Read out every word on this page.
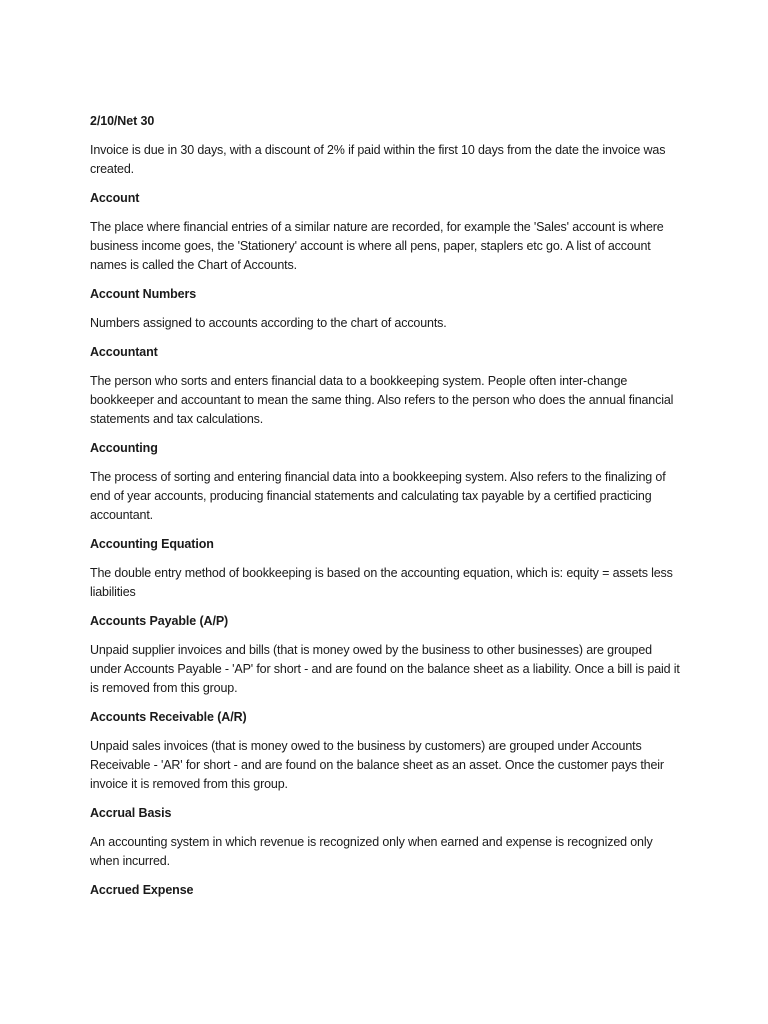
2/10/Net 30

Invoice is due in 30 days, with a discount of 2% if paid within the first 10 days from the date the invoice was created.

Account

The place where financial entries of a similar nature are recorded, for example the 'Sales' account is where business income goes, the 'Stationery' account is where all pens, paper, staplers etc go. A list of account names is called the Chart of Accounts.

Account Numbers

Numbers assigned to accounts according to the chart of accounts.

Accountant

The person who sorts and enters financial data to a bookkeeping system. People often inter-change bookkeeper and accountant to mean the same thing. Also refers to the person who does the annual financial statements and tax calculations.

Accounting

The process of sorting and entering financial data into a bookkeeping system. Also refers to the finalizing of end of year accounts, producing financial statements and calculating tax payable by a certified practicing accountant.

Accounting Equation

The double entry method of bookkeeping is based on the accounting equation, which is: equity = assets less liabilities

Accounts Payable (A/P)

Unpaid supplier invoices and bills (that is money owed by the business to other businesses) are grouped under Accounts Payable - 'AP' for short - and are found on the balance sheet as a liability. Once a bill is paid it is removed from this group.

Accounts Receivable (A/R)

Unpaid sales invoices (that is money owed to the business by customers) are grouped under Accounts Receivable - 'AR' for short - and are found on the balance sheet as an asset. Once the customer pays their invoice it is removed from this group.

Accrual Basis

An accounting system in which revenue is recognized only when earned and expense is recognized only when incurred.

Accrued Expense
